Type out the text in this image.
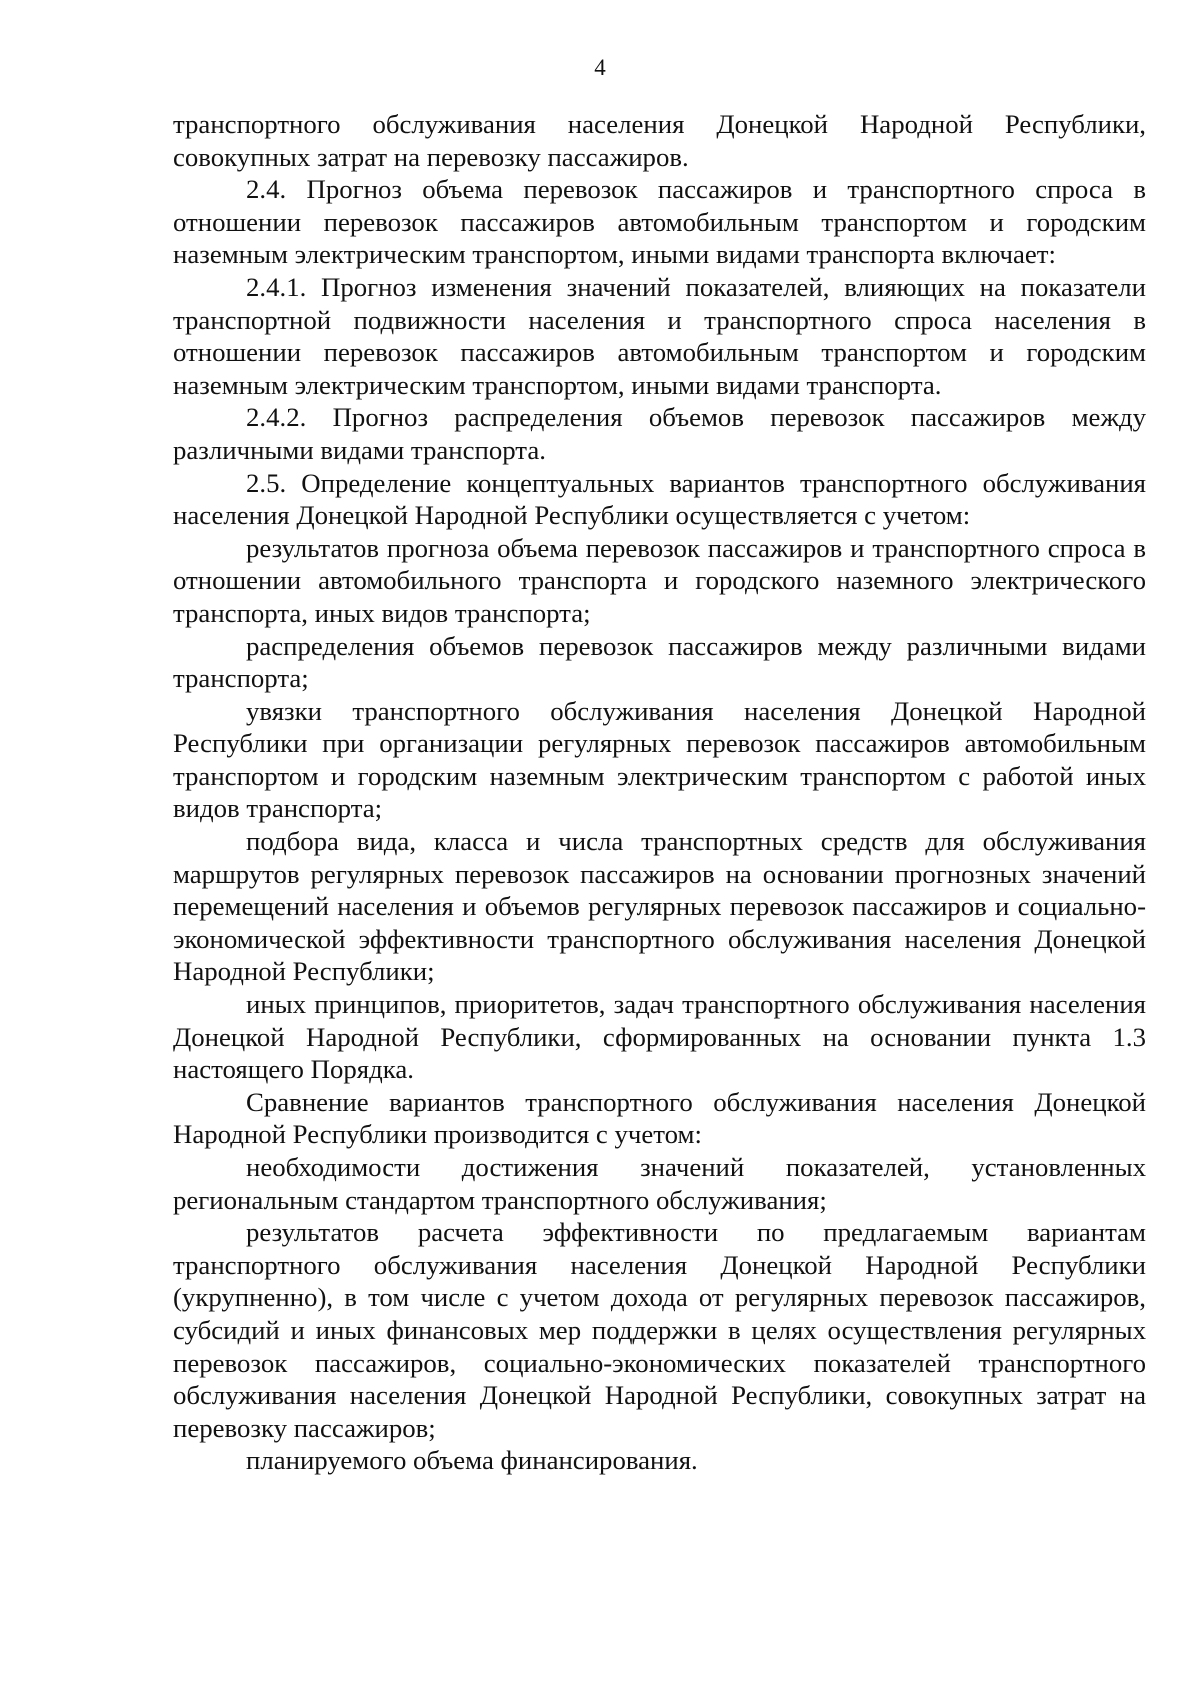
4

транспортного обслуживания населения Донецкой Народной Республики, совокупных затрат на перевозку пассажиров.

2.4. Прогноз объема перевозок пассажиров и транспортного спроса в отношении перевозок пассажиров автомобильным транспортом и городским наземным электрическим транспортом, иными видами транспорта включает:

2.4.1. Прогноз изменения значений показателей, влияющих на показатели транспортной подвижности населения и транспортного спроса населения в отношении перевозок пассажиров автомобильным транспортом и городским наземным электрическим транспортом, иными видами транспорта.

2.4.2. Прогноз распределения объемов перевозок пассажиров между различными видами транспорта.

2.5. Определение концептуальных вариантов транспортного обслуживания населения Донецкой Народной Республики осуществляется с учетом:

результатов прогноза объема перевозок пассажиров и транспортного спроса в отношении автомобильного транспорта и городского наземного электрического транспорта, иных видов транспорта;

распределения объемов перевозок пассажиров между различными видами транспорта;

увязки транспортного обслуживания населения Донецкой Народной Республики при организации регулярных перевозок пассажиров автомобильным транспортом и городским наземным электрическим транспортом с работой иных видов транспорта;

подбора вида, класса и числа транспортных средств для обслуживания маршрутов регулярных перевозок пассажиров на основании прогнозных значений перемещений населения и объемов регулярных перевозок пассажиров и социально-экономической эффективности транспортного обслуживания населения Донецкой Народной Республики;

иных принципов, приоритетов, задач транспортного обслуживания населения Донецкой Народной Республики, сформированных на основании пункта 1.3 настоящего Порядка.

Сравнение вариантов транспортного обслуживания населения Донецкой Народной Республики производится с учетом:

необходимости достижения значений показателей, установленных региональным стандартом транспортного обслуживания;

результатов расчета эффективности по предлагаемым вариантам транспортного обслуживания населения Донецкой Народной Республики (укрупненно), в том числе с учетом дохода от регулярных перевозок пассажиров, субсидий и иных финансовых мер поддержки в целях осуществления регулярных перевозок пассажиров, социально-экономических показателей транспортного обслуживания населения Донецкой Народной Республики, совокупных затрат на перевозку пассажиров;

планируемого объема финансирования.
